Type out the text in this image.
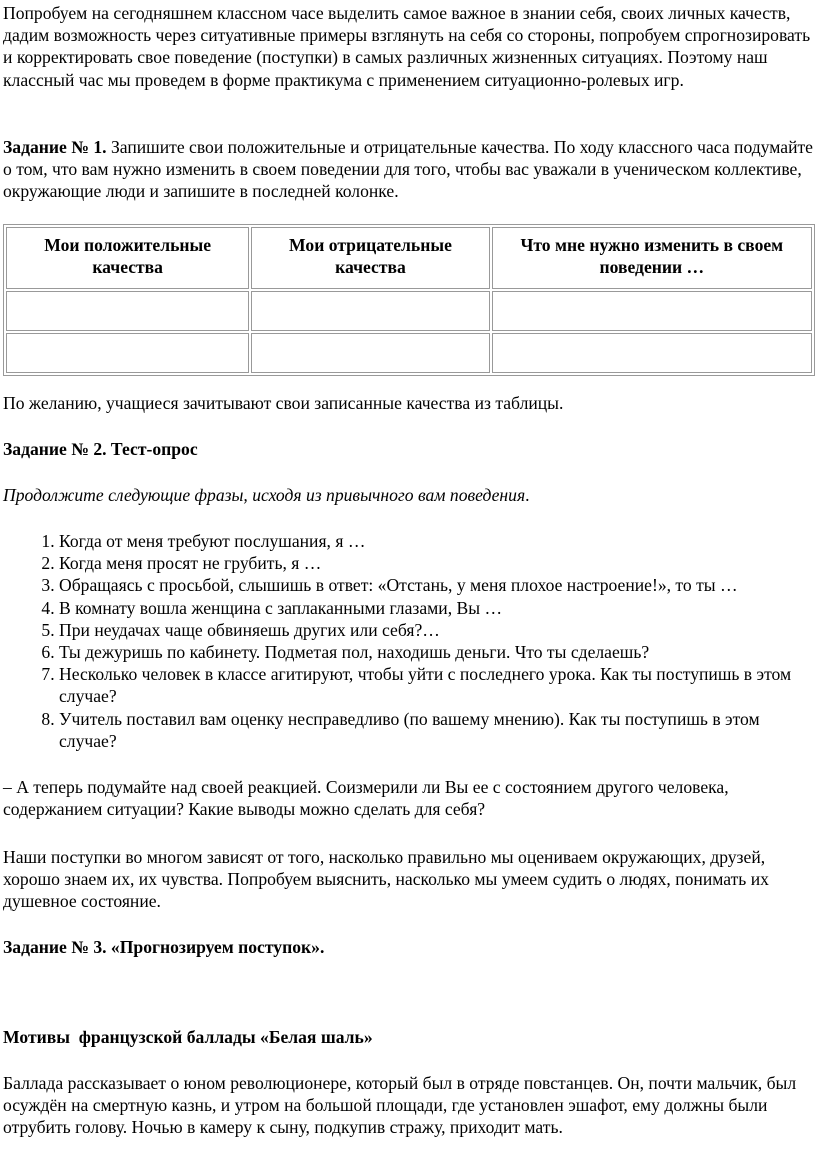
Попробуем на сегодняшнем классном часе выделить самое важное в знании себя, своих личных качеств, дадим возможность через ситуативные примеры взглянуть на себя со стороны, попробуем спрогнозировать и корректировать свое поведение (поступки) в самых различных жизненных ситуациях. Поэтому наш классный час мы проведем в форме практикума с применением ситуационно-ролевых игр.

Задание № 1. Запишите свои положительные и отрицательные качества. По ходу классного часа подумайте о том, что вам нужно изменить в своем поведении для того, чтобы вас уважали в ученическом коллективе, окружающие люди и запишите в последней колонке.

Мои положительные качества	Мои отрицательные качества	Что мне нужно изменить в своем поведении …

По желанию, учащиеся зачитывают свои записанные качества из таблицы.

Задание № 2. Тест-опрос

Продолжите следующие фразы, исходя из привычного вам поведения.

1. Когда от меня требуют послушания, я …
2. Когда меня просят не грубить, я …
3. Обращаясь с просьбой, слышишь в ответ: «Отстань, у меня плохое настроение!», то ты …
4. В комнату вошла женщина с заплаканными глазами, Вы …
5. При неудачах чаще обвиняешь других или себя?…
6. Ты дежуришь по кабинету. Подметая пол, находишь деньги. Что ты сделаешь?
7. Несколько человек в классе агитируют, чтобы уйти с последнего урока. Как ты поступишь в этом случае?
8. Учитель поставил вам оценку несправедливо (по вашему мнению). Как ты поступишь в этом случае?

– А теперь подумайте над своей реакцией. Соизмерили ли Вы ее с состоянием другого человека, содержанием ситуации? Какие выводы можно сделать для себя?

Наши поступки во многом зависят от того, насколько правильно мы оцениваем окружающих, друзей, хорошо знаем их, их чувства. Попробуем выяснить, насколько мы умеем судить о людях, понимать их душевное состояние.

Задание № 3. «Прогнозируем поступок».

Мотивы  французской баллады «Белая шаль»

Баллада рассказывает о юном революционере, который был в отряде повстанцев. Он, почти мальчик, был осуждён на смертную казнь, и утром на большой площади, где установлен эшафот, ему должны были отрубить голову. Ночью в камеру к сыну, подкупив стражу, приходит мать.
